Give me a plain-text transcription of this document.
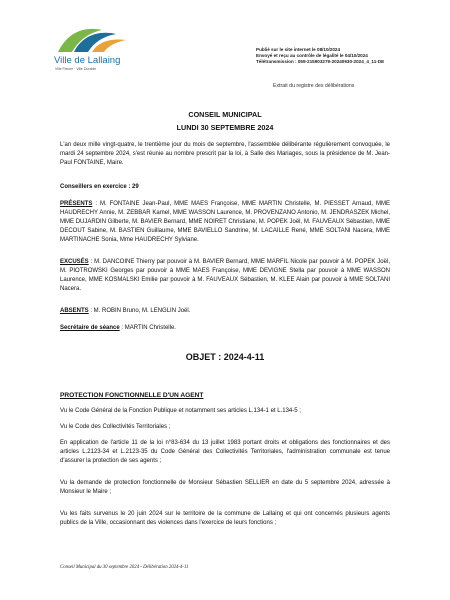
Ville de Lallaing
Ville Fleurie · Ville Durable
Publié sur le site internet le 08/10/2024
Envoyé et reçu au contrôle de légalité le 04/10/2024
Télétransmission : 059-215903279-20240930-2024_4_11-DE
Extrait du registre des délibérations
CONSEIL MUNICIPAL
LUNDI 30 SEPTEMBRE 2024
L'an deux mille vingt-quatre, le trentième jour du mois de septembre, l'assemblée délibérante régulièrement convoquée, le mardi 24 septembre 2024, s'est réunie au nombre prescrit par la loi, à Salle des Mariages, sous la présidence de M. Jean-Paul FONTAINE, Maire.
Conseillers en exercice : 29
PRÉSENTS : M. FONTAINE Jean-Paul, MME MAES Françoise, MME MARTIN Christelle, M. PIESSET Arnaud, MME HAUDRECHY Annie, M. ZEBBAR Kamel, MME WASSON Laurence, M. PROVENZANO Antonio, M. JENDRASZEK Michel, MME DUJARDIN Gilberte, M. BAVIER Bernard, MME NOIRET Christiane, M. POPEK Joël, M. FAUVEAUX Sébastien, MME DECOUT Sabine, M. BASTIEN Guillaume, MME BAVIELLO Sandrine, M. LACAILLE René, MME SOLTANI Nacera, MME MARTINACHE Sonia, Mme HAUDRECHY Sylviane.
EXCUSÉS : M. DANCOINE Thierry par pouvoir à M. BAVIER Bernard, MME MARFIL Nicole par pouvoir à M. POPEK Joël, M. PIOTROWSKI Georges par pouvoir à MME MAES Françoise, MME DEVIGNE Stella par pouvoir à MME WASSON Laurence, MME KOSMALSKI Emilie par pouvoir à M. FAUVEAUX Sébastien, M. KLEE Alain par pouvoir à MME SOLTANI Nacera.
ABSENTS : M. ROBIN Bruno, M. LENGLIN Joël.
Secrétaire de séance : MARTIN Christelle.
OBJET : 2024-4-11
PROTECTION FONCTIONNELLE D'UN AGENT
Vu le Code Général de la Fonction Publique et notamment ses articles L.134-1 et L.134-5 ;
Vu le Code des Collectivités Territoriales ;
En application de l'article 11 de la loi n°83-634 du 13 juillet 1983 portant droits et obligations des fonctionnaires et des articles L.2123-34 et L.2123-35 du Code Général des Collectivités Territoriales, l'administration communale est tenue d'assurer la protection de ses agents ;
Vu la demande de protection fonctionnelle de Monsieur Sébastien SELLIER en date du 5 septembre 2024, adressée à Monsieur le Maire ;
Vu les faits survenus le 20 juin 2024 sur le territoire de la commune de Lallaing et qui ont concernés plusieurs agents publics de la Ville, occasionnant des violences dans l'exercice de leurs fonctions ;
Conseil Municipal du 30 septembre 2024 - Délibération 2024-4-11
